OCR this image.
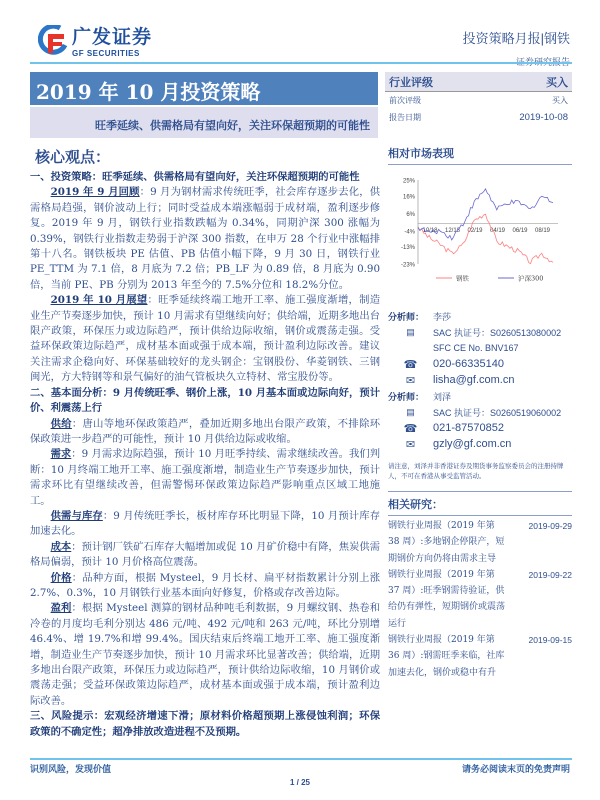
广发证券
GF SECURITIES
投资策略月报|钢铁
2019 年 10 月投资策略
旺季延续、供需格局有望向好，关注环保超预期的可能性
行业评级	买入
前次评级	买入
报告日期	2019-10-08
核心观点：

一、投资策略：旺季延续、供需格局有望向好，关注环保超预期的可能性

2019 年 9 月回顾：9 月为钢材需求传统旺季，社会库存逐步去化，供需格局趋强，钢价波动上行；同时受益成本端涨幅弱于成材端，盈利逐步修复。2019 年 9 月，钢铁行业指数跌幅为 0.34%，同期沪深 300 涨幅为 0.39%，钢铁行业指数走势弱于沪深 300 指数，在申万 28 个行业中涨幅排第十八名。钢铁板块 PE 估值、PB 估值小幅下降，9 月 30 日，钢铁行业 PE_TTM 为 7.1 倍，8 月底为 7.2 倍；PB_LF 为 0.89 倍，8 月底为 0.90 倍，当前 PE、PB 分别为 2013 年至今的 7.5%分位和 18.2%分位。

2019 年 10 月展望：旺季延续终端工地开工率、施工强度渐增，制造业生产节奏逐步加快，预计 10 月需求有望继续向好；供给端，近期多地出台限产政策，环保压力或边际趋严，预计供给边际收缩，钢价或震荡走强。受益环保政策边际趋严，成材基本面或强于成本端，预计盈利边际改善。建议关注需求企稳向好、环保基础较好的龙头钢企：宝钢股份、华菱钢铁、三钢闽光，方大特钢等和景气偏好的油气管板块久立特材、常宝股份等。

二、基本面分析：9 月传统旺季、钢价上涨，10 月基本面或边际向好，预计价、利震荡上行

供给：唐山等地环保政策趋严，叠加近期多地出台限产政策，不排除环保政策进一步趋严的可能性，预计 10 月供给边际或收缩。

需求：9 月需求边际趋强，预计 10 月旺季持续、需求继续改善。我们判断：10 月终端工地开工率、施工强度渐增，制造业生产节奏逐步加快，预计需求环比有望继续改善，但需警惕环保政策边际趋严影响重点区域工地施工。

供需与库存：9 月传统旺季长，板材库存环比明显下降，10 月预计库存加速去化。

成本：预计钢厂铁矿石库存大幅增加或促 10 月矿价稳中有降，焦炭供需格局偏弱，预计 10 月价格高位震荡。

价格：品种方面，根据 Mysteel，9 月长材、扁平材指数累计分别上涨 2.7%、0.3%，10 月钢铁行业基本面向好修复，价格或存改善边际。

盈利：根据 Mysteel 测算的钢材品种吨毛利数据，9 月螺纹钢、热卷和冷卷的月度均毛利分别达 486 元/吨、492 元/吨和 263 元/吨，环比分别增 46.4%、增 19.7%和增 99.4%。国庆结束后终端工地开工率、施工强度渐增，制造业生产节奏逐步加快，预计 10 月需求环比显著改善；供给端，近期多地出台限产政策，环保压力或边际趋严，预计供给边际收缩，10 月钢价或震荡走强；受益环保政策边际趋严，成材基本面或强于成本端，预计盈利边际改善。

三、风险提示：宏观经济增速下滑；原材料价格超预期上涨侵蚀利润；环保政策的不确定性；超净排放改造进程不及预期。

相对市场表现
25%
16%
6%
-4%
-13%
-23%
10/18 12/18 02/19 04/19 06/19 08/19
钢铁	沪深300
分析师： 李莎
▤	SAC 执证号：S0260513080002
SFC CE No. BNV167
☎	020-66335140
✉	lisha@gf.com.cn
分析师： 刘泽
▤	SAC 执证号：S0260519060002
☎	021-87570852
✉	gzly@gf.com.cn
请注意，刘泽并非香港证券及期货事务监察委员会的注册持牌人，不可在香港从事受监管活动。
相关研究：
钢铁行业周报（2019 年第 38 周）:多地钢企停限产，短期钢价方向仍将由需求主导
2019-09-29
钢铁行业周报（2019 年第 37 周）:旺季钢需待验证，供给仍有弹性，短期钢价或震荡运行
2019-09-22
钢铁行业周报（2019 年第 36 周）:钢需旺季来临，社库加速去化，钢价或稳中有升
2019-09-15
识别风险，发现价值	请务必阅读末页的免责声明
1 / 25
